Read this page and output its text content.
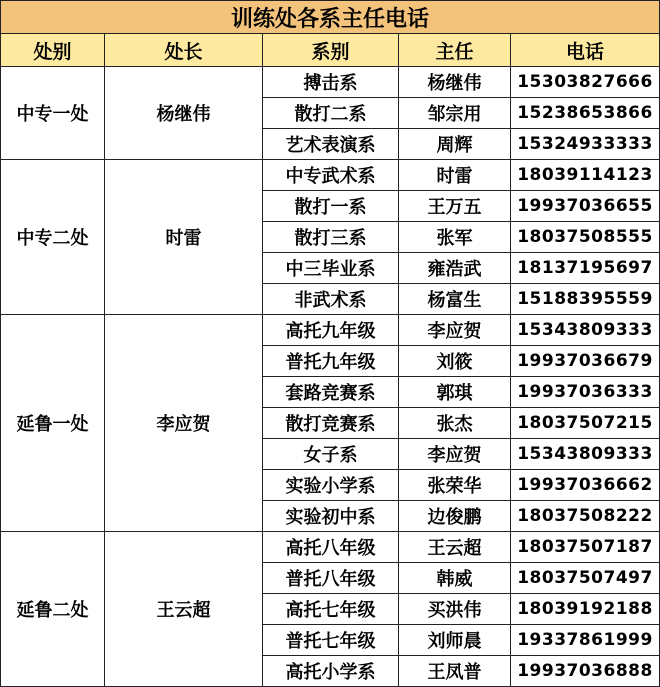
训练处各系主任电话				
处别	处长	系别	主任	电话
中专一处	杨继伟	搏击系	杨继伟	15303827666
		散打二系	邹宗用	15238653866
		艺术表演系	周辉	15324933333
中专二处	时雷	中专武术系	时雷	18039114123
		散打一系	王万五	19937036655
		散打三系	张军	18037508555
		中三毕业系	雍浩武	18137195697
		非武术系	杨富生	15188395559
延鲁一处	李应贺	高托九年级	李应贺	15343809333
		普托九年级	刘筱	19937036679
		套路竞赛系	郭琪	19937036333
		散打竞赛系	张杰	18037507215
		女子系	李应贺	15343809333
		实验小学系	张荣华	19937036662
		实验初中系	边俊鹏	18037508222
延鲁二处	王云超	高托八年级	王云超	18037507187
		普托八年级	韩威	18037507497
		高托七年级	买洪伟	18039192188
		普托七年级	刘师晨	19337861999
		高托小学系	王凤普	19937036888
